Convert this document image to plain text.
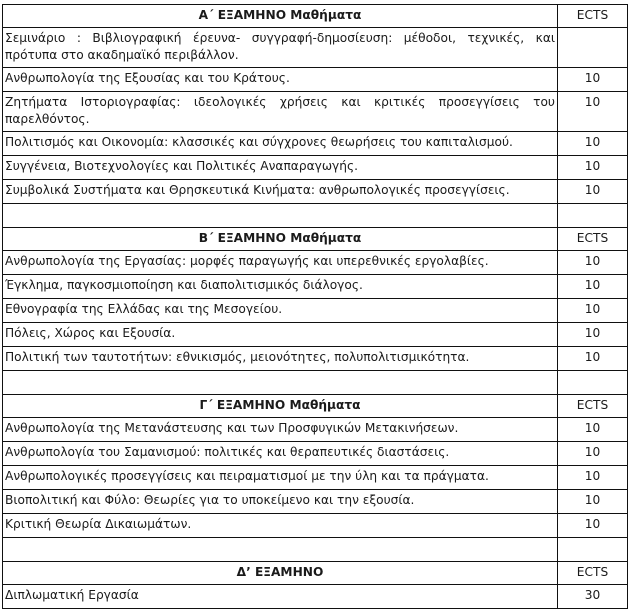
Α΄ ΕΞΑΜΗΝΟ Μαθήματα	ECTS
Σεμινάριο : Βιβλιογραφική έρευνα- συγγραφή-δημοσίευση: μέθοδοι, τεχνικές, και πρότυπα στο ακαδημαϊκό περιβάλλον.	
Ανθρωπολογία της Εξουσίας και του Κράτους.	10
Ζητήματα Ιστοριογραφίας: ιδεολογικές χρήσεις και κριτικές προσεγγίσεις του παρελθόντος.	10
Πολιτισμός και Οικονομία: κλασσικές και σύγχρονες θεωρήσεις του καπιταλισμού.	10
Συγγένεια, Βιοτεχνολογίες και Πολιτικές Αναπαραγωγής.	10
Συμβολικά Συστήματα και Θρησκευτικά Κινήματα: ανθρωπολογικές προσεγγίσεις.	10

Β΄ ΕΞΑΜΗΝΟ Μαθήματα	ECTS
Ανθρωπολογία της Εργασίας: μορφές παραγωγής και υπερεθνικές εργολαβίες.	10
Έγκλημα, παγκοσμιοποίηση και διαπολιτισμικός διάλογος.	10
Εθνογραφία της Ελλάδας και της Μεσογείου.	10
Πόλεις, Χώρος και Εξουσία.	10
Πολιτική των ταυτοτήτων: εθνικισμός, μειονότητες, πολυπολιτισμικότητα.	10

Γ΄ ΕΞΑΜΗΝΟ Μαθήματα	ECTS
Ανθρωπολογία της Μετανάστευσης και των Προσφυγικών Μετακινήσεων.	10
Ανθρωπολογία του Σαμανισμού: πολιτικές και θεραπευτικές διαστάσεις.	10
Ανθρωπολογικές προσεγγίσεις και πειραματισμοί με την ύλη και τα πράγματα.	10
Βιοπολιτική και Φύλο: Θεωρίες για το υποκείμενο και την εξουσία.	10
Κριτική Θεωρία Δικαιωμάτων.	10

Δ’ ΕΞΑΜΗΝΟ	ECTS
Διπλωματική Εργασία	30
